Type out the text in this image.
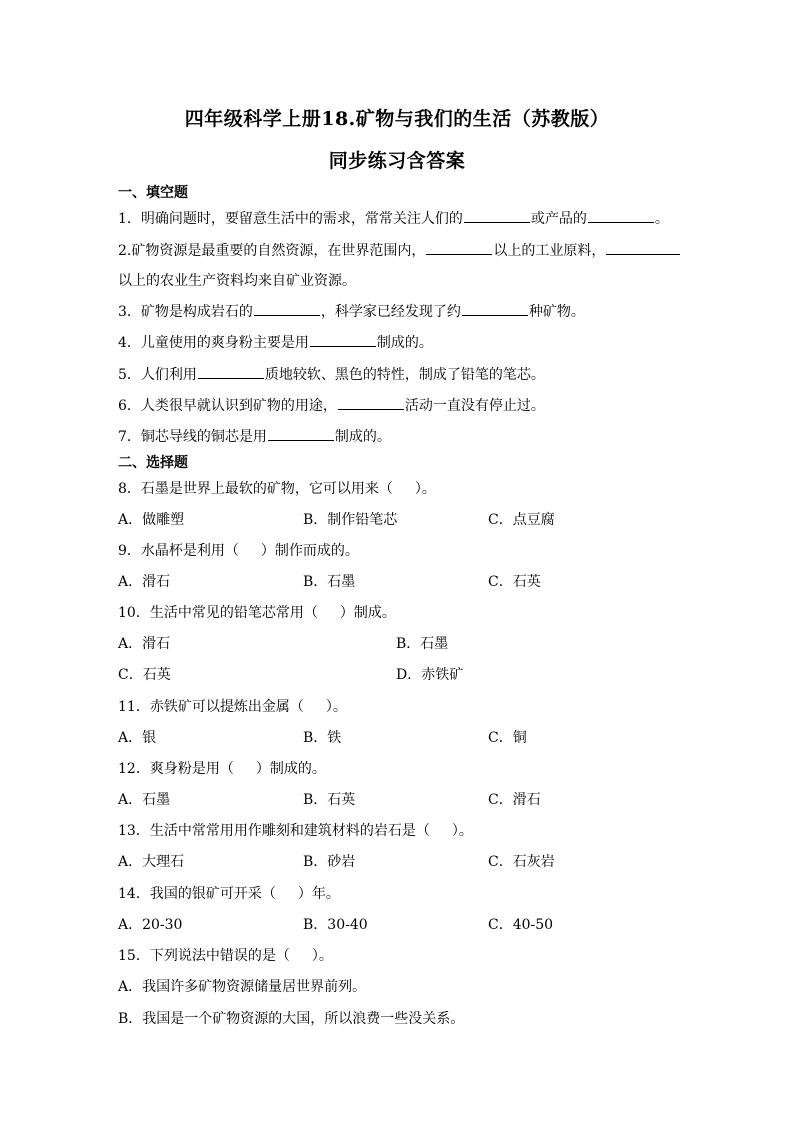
四年级科学上册18.矿物与我们的生活（苏教版）
同步练习含答案
一、填空题
1．明确问题时，要留意生活中的需求，常常关注人们的	或产品的	。
2.矿物资源是最重要的自然资源，在世界范围内，	以上的工业原料，
以上的农业生产资料均来自矿业资源。
3．矿物是构成岩石的	，科学家已经发现了约	种矿物。
4．儿童使用的爽身粉主要是用	制成的。
5．人们利用	质地较软、黑色的特性，制成了铅笔的笔芯。
6．人类很早就认识到矿物的用途，	活动一直没有停止过。
7．铜芯导线的铜芯是用	制成的。
二、选择题
8．石墨是世界上最软的矿物，它可以用来（ ）。
A．做雕塑	B．制作铅笔芯	C．点豆腐
9．水晶杯是利用（ ）制作而成的。
A．滑石	B．石墨	C．石英
10．生活中常见的铅笔芯常用（ ）制成。
A．滑石	B．石墨
C．石英	D．赤铁矿
11．赤铁矿可以提炼出金属（ ）。
A．银	B．铁	C．铜
12．爽身粉是用（ ）制成的。
A．石墨	B．石英	C．滑石
13．生活中常常用用作雕刻和建筑材料的岩石是（ ）。
A．大理石	B．砂岩	C．石灰岩
14．我国的银矿可开采（ ）年。
A．20-30	B．30-40	C．40-50
15．下列说法中错误的是（ ）。
A．我国许多矿物资源储量居世界前列。
B．我国是一个矿物资源的大国，所以浪费一些没关系。
